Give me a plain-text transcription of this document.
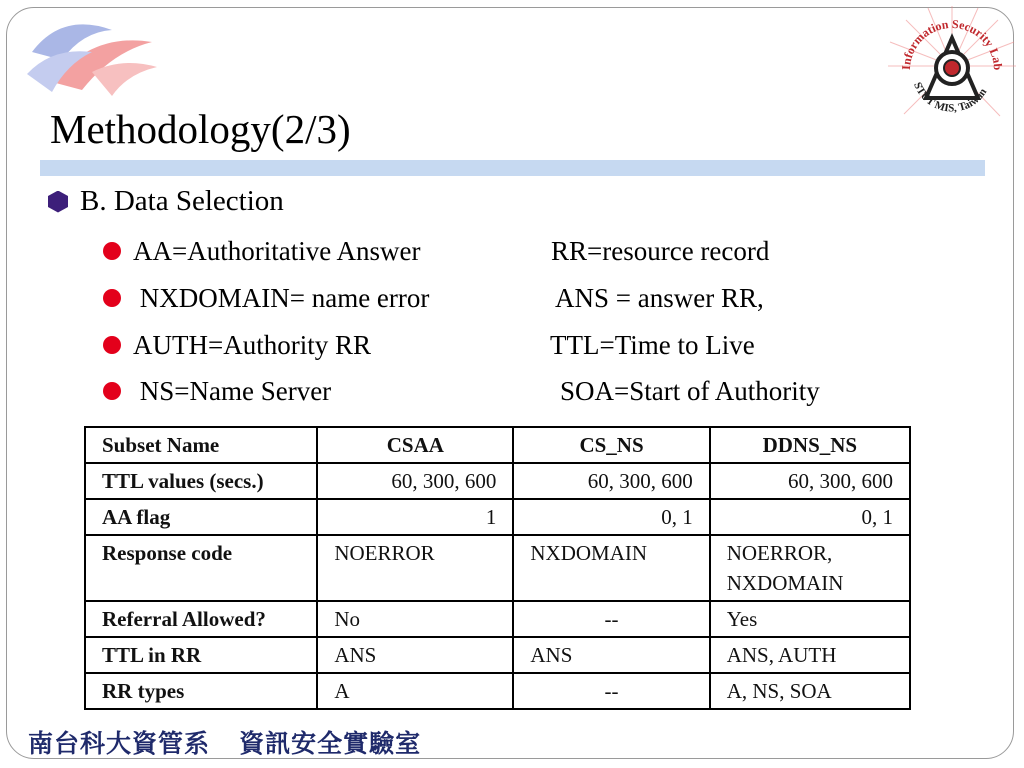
Information Security Lab
STUT MIS, Taiwan
Methodology(2/3)
B. Data Selection
AA=Authoritative Answer	RR=resource record
NXDOMAIN= name error	ANS = answer RR,
AUTH=Authority RR	TTL=Time to Live
NS=Name Server	SOA=Start of Authority
Subset Name	CSAA	CS_NS	DDNS_NS
TTL values (secs.)	60, 300, 600	60, 300, 600	60, 300, 600
AA flag	1	0, 1	0, 1
Response code	NOERROR	NXDOMAIN	NOERROR, NXDOMAIN
Referral Allowed?	No	--	Yes
TTL in RR	ANS	ANS	ANS, AUTH
RR types	A	--	A, NS, SOA
南台科大資管系 資訊安全實驗室
